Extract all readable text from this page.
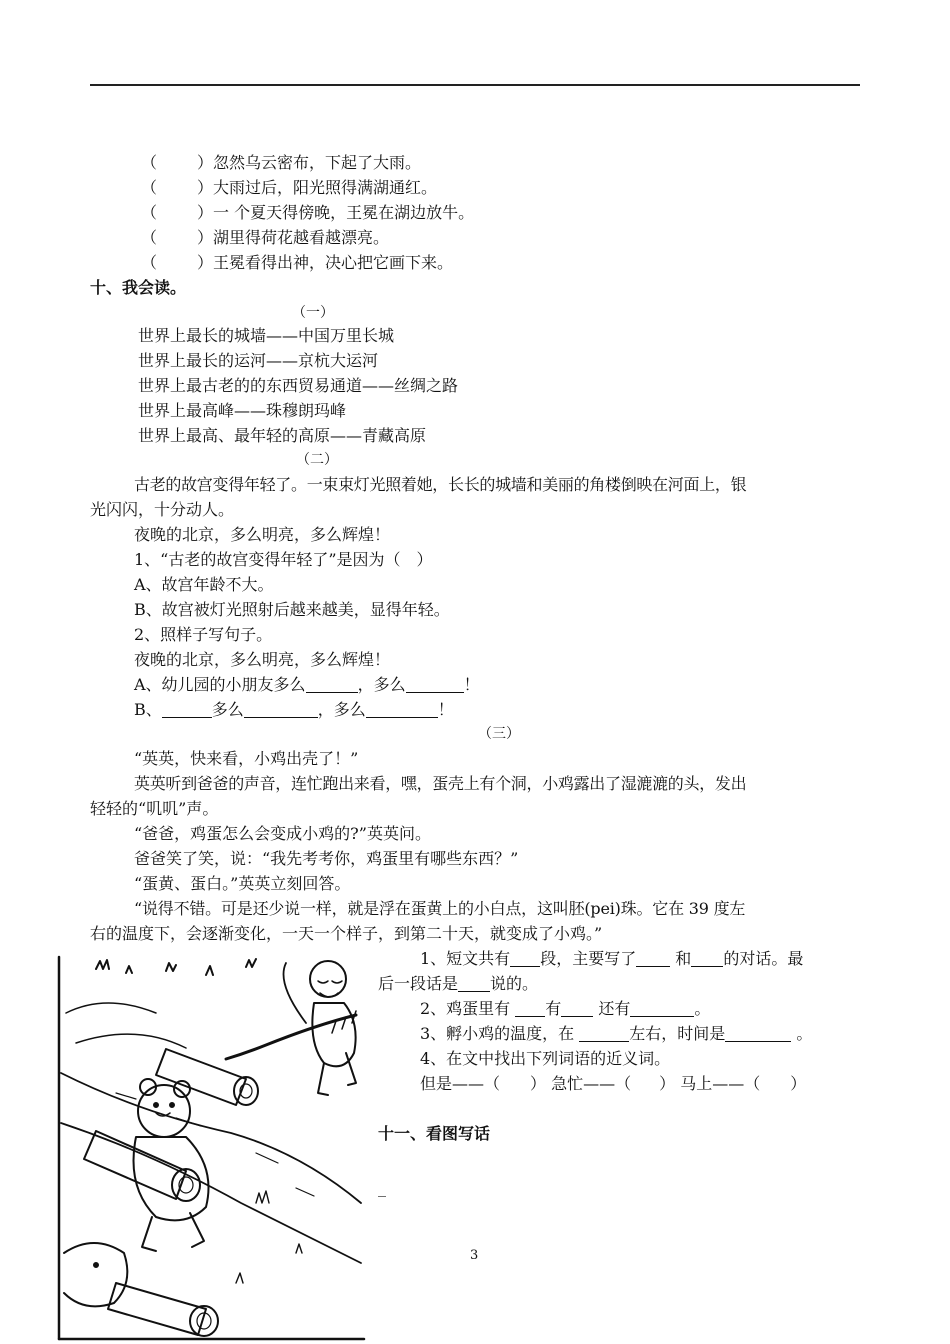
（	）忽然乌云密布，下起了大雨。
（	）大雨过后，阳光照得满湖通红。
（	）一 个夏天得傍晚，王冕在湖边放牛。
（	）湖里得荷花越看越漂亮。
（	）王冕看得出神，决心把它画下来。
十、我会读。
（一）
世界上最长的城墙——中国万里长城
世界上最长的运河——京杭大运河
世界上最古老的的东西贸易通道——丝绸之路
世界上最高峰——珠穆朗玛峰
世界上最高、最年轻的高原——青藏高原
（二）
古老的故宫变得年轻了。一束束灯光照着她，长长的城墙和美丽的角楼倒映在河面上，银
光闪闪，十分动人。
夜晚的北京，多么明亮，多么辉煌！
1、“古老的故宫变得年轻了”是因为（　）
A、故宫年龄不大。
B、故宫被灯光照射后越来越美，显得年轻。
2、照样子写句子。
夜晚的北京，多么明亮，多么辉煌！
A、幼儿园的小朋友多么	，多么	！
B、	多么	，多么	！
（三）
“英英，快来看，小鸡出壳了！”
英英听到爸爸的声音，连忙跑出来看，嘿，蛋壳上有个洞，小鸡露出了湿漉漉的头，发出
轻轻的“叽叽”声。
“爸爸，鸡蛋怎么会变成小鸡的?”英英问。
爸爸笑了笑，说：“我先考考你，鸡蛋里有哪些东西？”
“蛋黄、蛋白。”英英立刻回答。
“说得不错。可是还少说一样，就是浮在蛋黄上的小白点，这叫胚(pei)珠。它在 39 度左
右的温度下，会逐渐变化，一天一个样子，到第二十天，就变成了小鸡。”
1、短文共有 段，主要写了 和 的对话。最
后一段话是 说的。
2、鸡蛋里有 有 还有	。
3、孵小鸡的温度，在	左右，时间是	。
4、在文中找出下列词语的近义词。
但是——（ ） 急忙——（ ） 马上——（ ）
十一、看图写话
_
3
